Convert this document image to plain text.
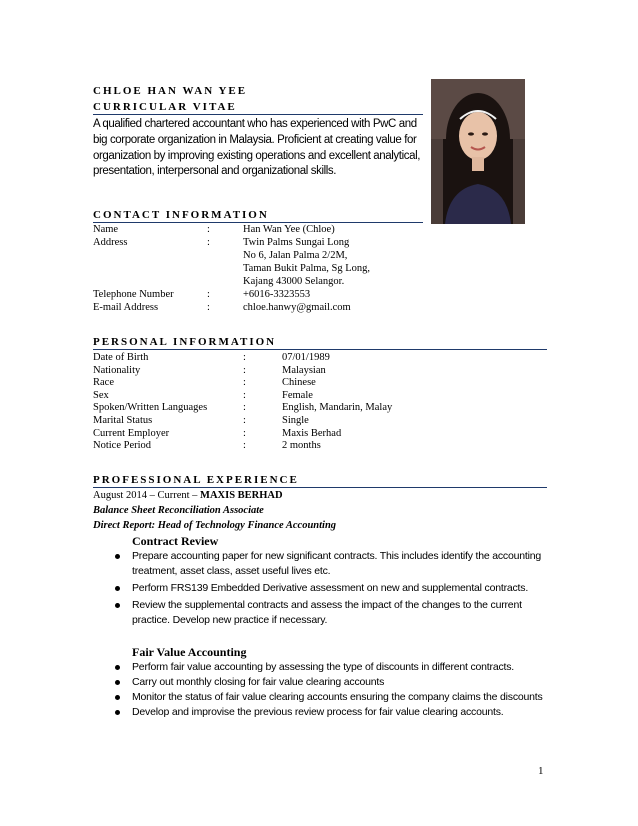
CHLOE HAN WAN YEE
CURRICULAR VITAE
A qualified chartered accountant who has experienced with PwC and big corporate organization in Malaysia. Proficient at creating value for organization by improving existing operations and excellent analytical, presentation, interpersonal and organizational skills.
CONTACT INFORMATION
Name	:	Han Wan Yee (Chloe)
Address	:	Twin Palms Sungai Long
No 6, Jalan Palma 2/2M,
Taman Bukit Palma, Sg Long,
Kajang 43000 Selangor.
Telephone Number	:	+6016-3323553
E-mail Address	:	chloe.hanwy@gmail.com
PERSONAL INFORMATION
Date of Birth	:	07/01/1989
Nationality	:	Malaysian
Race	:	Chinese
Sex	:	Female
Spoken/Written Languages	:	English, Mandarin, Malay
Marital Status	:	Single
Current Employer	:	Maxis Berhad
Notice Period	:	2 months
PROFESSIONAL EXPERIENCE
August 2014 – Current – MAXIS BERHAD
Balance Sheet Reconciliation Associate
Direct Report: Head of Technology Finance Accounting
Contract Review
Prepare accounting paper for new significant contracts. This includes identify the accounting treatment, asset class, asset useful lives etc.
Perform FRS139 Embedded Derivative assessment on new and supplemental contracts.
Review the supplemental contracts and assess the impact of the changes to the current practice. Develop new practice if necessary.
Fair Value Accounting
Perform fair value accounting by assessing the type of discounts in different contracts.
Carry out monthly closing for fair value clearing accounts
Monitor the status of fair value clearing accounts ensuring the company claims the discounts
Develop and improvise the previous review process for fair value clearing accounts.
1
